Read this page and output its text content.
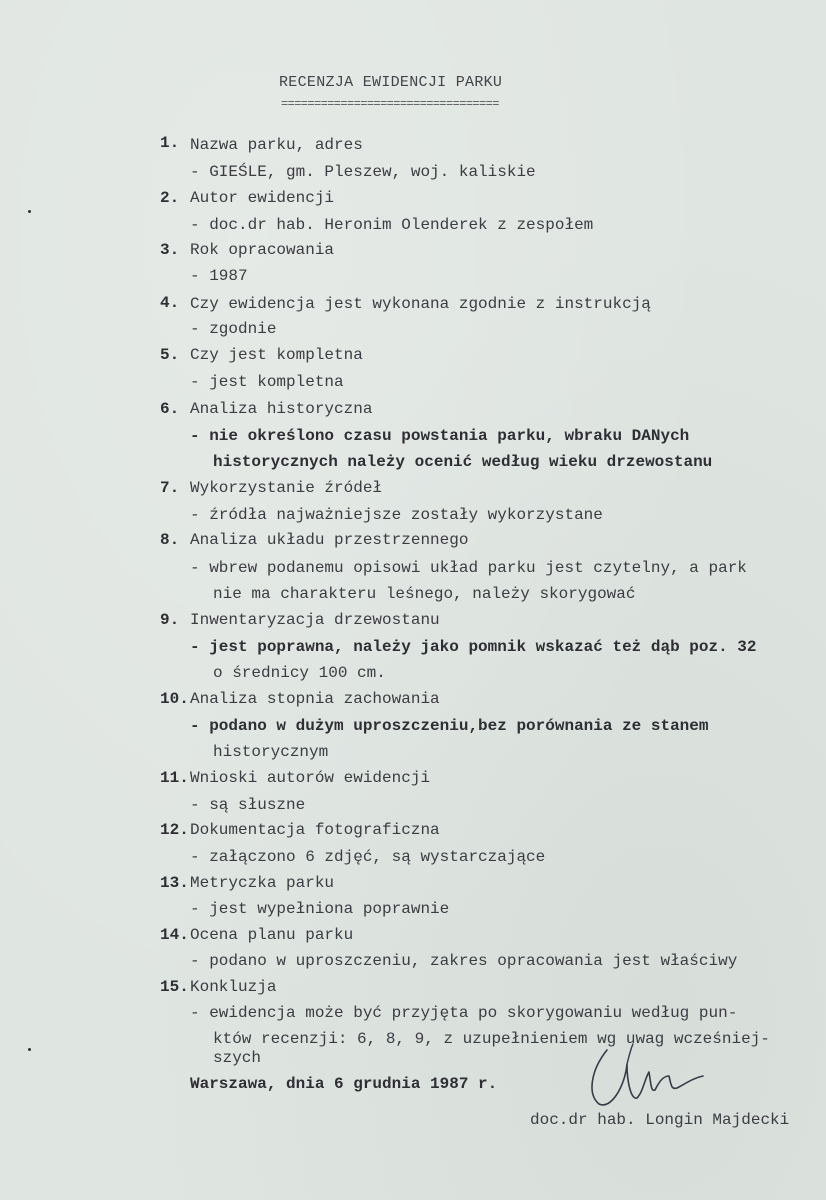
RECENZJA EWIDENCJI PARKU
=================================
1. Nazwa parku, adres
- GIEŚLE, gm. Pleszew, woj. kaliskie
2. Autor ewidencji
- doc.dr hab. Heronim Olenderek z zespołem
3. Rok opracowania
- 1987
4. Czy ewidencja jest wykonana zgodnie z instrukcją
- zgodnie
5. Czy jest kompletna
- jest kompletna
6. Analiza historyczna
- nie określono czasu powstania parku, wbraku DANych
historycznych należy ocenić według wieku drzewostanu
7. Wykorzystanie źródeł
- źródła najważniejsze zostały wykorzystane
8. Analiza układu przestrzennego
- wbrew podanemu opisowi układ parku jest czytelny, a park
nie ma charakteru leśnego, należy skorygować
9. Inwentaryzacja drzewostanu
- jest poprawna, należy jako pomnik wskazać też dąb poz. 32
o średnicy 100 cm.
10. Analiza stopnia zachowania
- podano w dużym uproszczeniu,bez porównania ze stanem
historycznym
11. Wnioski autorów ewidencji
- są słuszne
12. Dokumentacja fotograficzna
- załączono 6 zdjęć, są wystarczające
13. Metryczka parku
- jest wypełniona poprawnie
14. Ocena planu parku
- podano w uproszczeniu, zakres opracowania jest właściwy
15. Konkluzja
- ewidencja może być przyjęta po skorygowaniu według pun-
któw recenzji: 6, 8, 9, z uzupełnieniem wg uwag wcześniej-
szych
Warszawa, dnia 6 grudnia 1987 r.
doc.dr hab. Longin Majdecki
